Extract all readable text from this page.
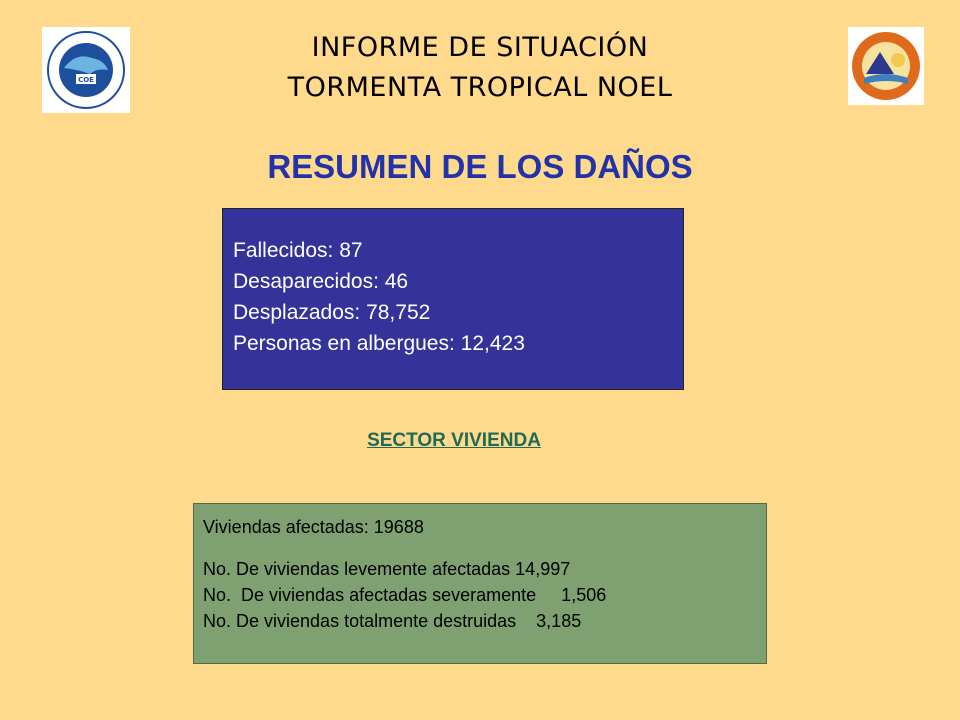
COE
INFORME DE SITUACIÓN
TORMENTA TROPICAL NOEL
RESUMEN DE LOS DAÑOS
Fallecidos: 87
Desaparecidos: 46
Desplazados: 78,752
Personas en albergues: 12,423
SECTOR VIVIENDA
Viviendas afectadas: 19688
No. De viviendas levemente afectadas 14,997
No.  De viviendas afectadas severamente     1,506
No. De viviendas totalmente destruidas    3,185
